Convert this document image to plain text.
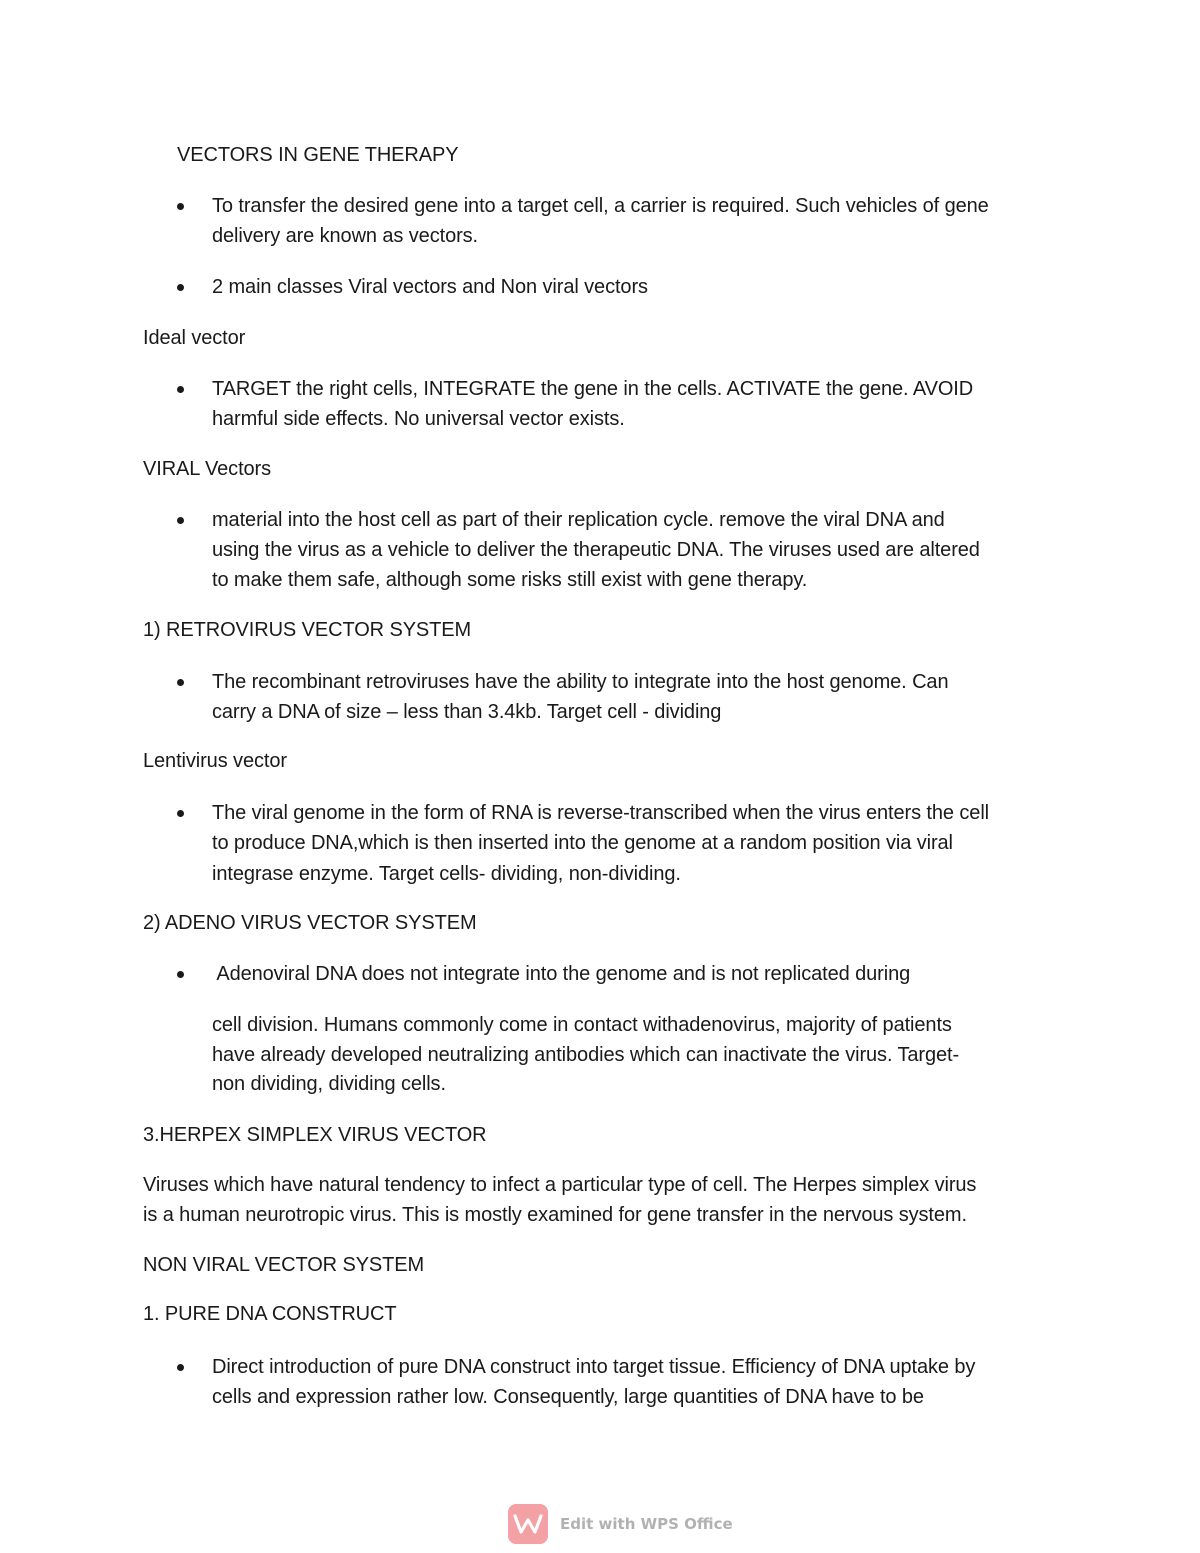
VECTORS IN GENE THERAPY
To transfer the desired gene into a target cell, a carrier is required. Such vehicles of gene
delivery are known as vectors.
2 main classes Viral vectors and Non viral vectors
Ideal vector
TARGET the right cells, INTEGRATE the gene in the cells. ACTIVATE the gene. AVOID
harmful side effects. No universal vector exists.
VIRAL Vectors
material into the host cell as part of their replication cycle. remove the viral DNA and
using the virus as a vehicle to deliver the therapeutic DNA. The viruses used are altered
to make them safe, although some risks still exist with gene therapy.
1) RETROVIRUS VECTOR SYSTEM
The recombinant retroviruses have the ability to integrate into the host genome. Can
carry a DNA of size – less than 3.4kb. Target cell - dividing
Lentivirus vector
The viral genome in the form of RNA is reverse-transcribed when the virus enters the cell
to produce DNA,which is then inserted into the genome at a random position via viral
integrase enzyme. Target cells- dividing, non-dividing.
2) ADENO VIRUS VECTOR SYSTEM
Adenoviral DNA does not integrate into the genome and is not replicated during
cell division. Humans commonly come in contact withadenovirus, majority of patients
have already developed neutralizing antibodies which can inactivate the virus. Target-
non dividing, dividing cells.
3.HERPEX SIMPLEX VIRUS VECTOR
Viruses which have natural tendency to infect a particular type of cell. The Herpes simplex virus
is a human neurotropic virus. This is mostly examined for gene transfer in the nervous system.
NON VIRAL VECTOR SYSTEM
1. PURE DNA CONSTRUCT
Direct introduction of pure DNA construct into target tissue. Efficiency of DNA uptake by
cells and expression rather low. Consequently, large quantities of DNA have to be
Edit with WPS Office
